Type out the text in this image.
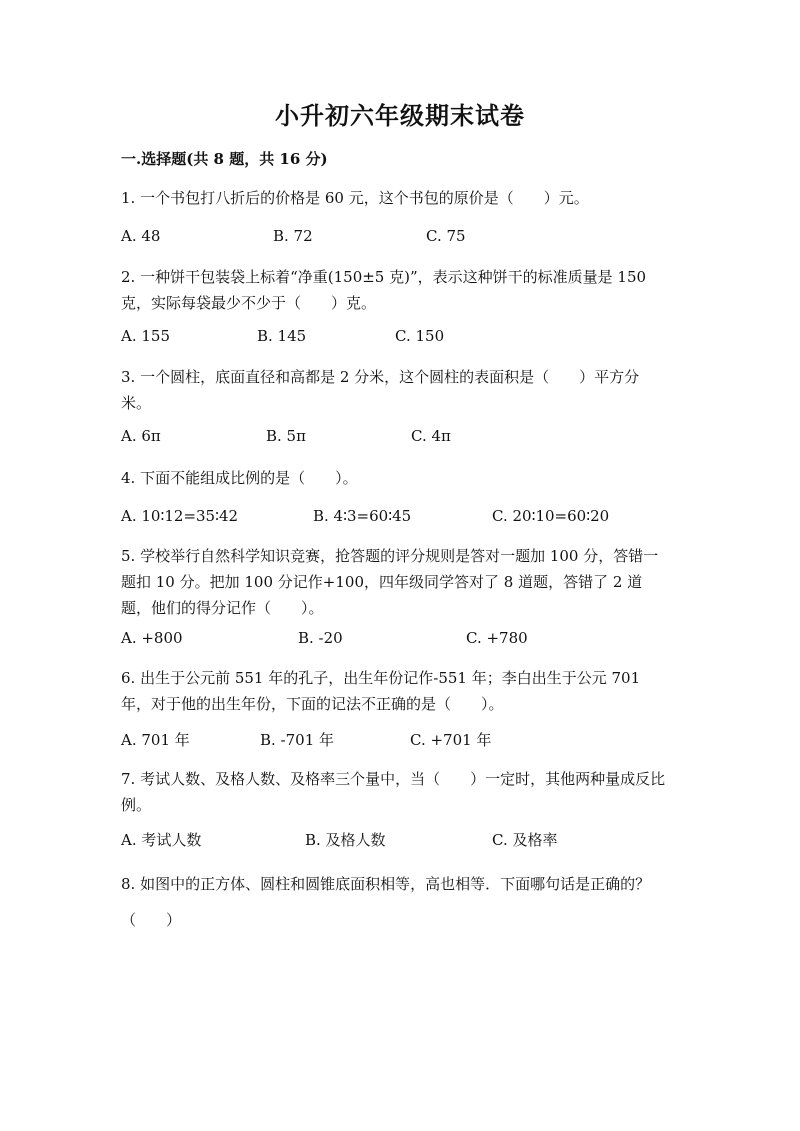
小升初六年级期末试卷
一.选择题(共 8 题，共 16 分)
1. 一个书包打八折后的价格是 60 元，这个书包的原价是（　　）元。
A. 48	B. 72	C. 75
2. 一种饼干包装袋上标着“净重(150±5 克)”，表示这种饼干的标准质量是 150 克，实际每袋最少不少于（　　）克。
A. 155	B. 145	C. 150
3. 一个圆柱，底面直径和高都是 2 分米，这个圆柱的表面积是（　　）平方分米。
A. 6π	B. 5π	C. 4π
4. 下面不能组成比例的是（　　）。
A. 10∶12=35∶42	B. 4∶3=60∶45	C. 20∶10=60∶20
5. 学校举行自然科学知识竞赛，抢答题的评分规则是答对一题加 100 分，答错一题扣 10 分。把加 100 分记作+100，四年级同学答对了 8 道题，答错了 2 道题，他们的得分记作（　　）。
A. +800	B. -20	C. +780
6. 出生于公元前 551 年的孔子，出生年份记作-551 年；李白出生于公元 701 年，对于他的出生年份，下面的记法不正确的是（　　）。
A. 701 年	B. -701 年	C. +701 年
7. 考试人数、及格人数、及格率三个量中，当（　　）一定时，其他两种量成反比例。
A. 考试人数	B. 及格人数	C. 及格率
8. 如图中的正方体、圆柱和圆锥底面积相等，高也相等．下面哪句话是正确的？（　　）
